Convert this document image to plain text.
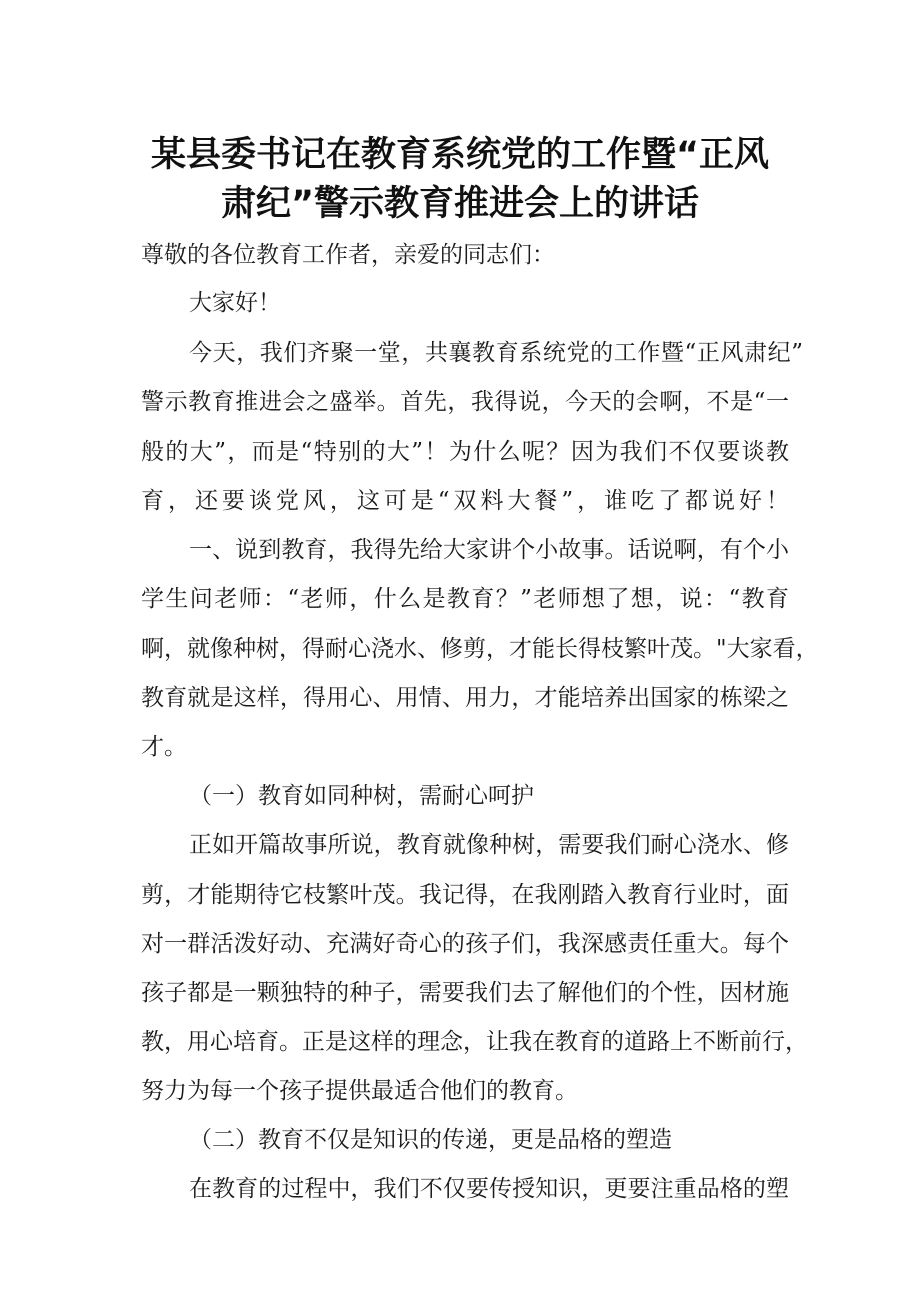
某县委书记在教育系统党的工作暨“正风
肃纪”警示教育推进会上的讲话

尊敬的各位教育工作者，亲爱的同志们：

大家好！

今天，我们齐聚一堂，共襄教育系统党的工作暨“正风肃纪”

警示教育推进会之盛举。首先，我得说，今天的会啊，不是“一

般的大”，而是“特别的大”！为什么呢？因为我们不仅要谈教

育，还要谈党风，这可是“双料大餐”，谁吃了都说好！

一、说到教育，我得先给大家讲个小故事。话说啊，有个小

学生问老师：“老师，什么是教育？”老师想了想，说：“教育

啊，就像种树，得耐心浇水、修剪，才能长得枝繁叶茂。"大家看，

教育就是这样，得用心、用情、用力，才能培养出国家的栋梁之

才。

（一）教育如同种树，需耐心呵护

正如开篇故事所说，教育就像种树，需要我们耐心浇水、修

剪，才能期待它枝繁叶茂。我记得，在我刚踏入教育行业时，面

对一群活泼好动、充满好奇心的孩子们，我深感责任重大。每个

孩子都是一颗独特的种子，需要我们去了解他们的个性，因材施

教，用心培育。正是这样的理念，让我在教育的道路上不断前行，

努力为每一个孩子提供最适合他们的教育。

（二）教育不仅是知识的传递，更是品格的塑造

在教育的过程中，我们不仅要传授知识，更要注重品格的塑
